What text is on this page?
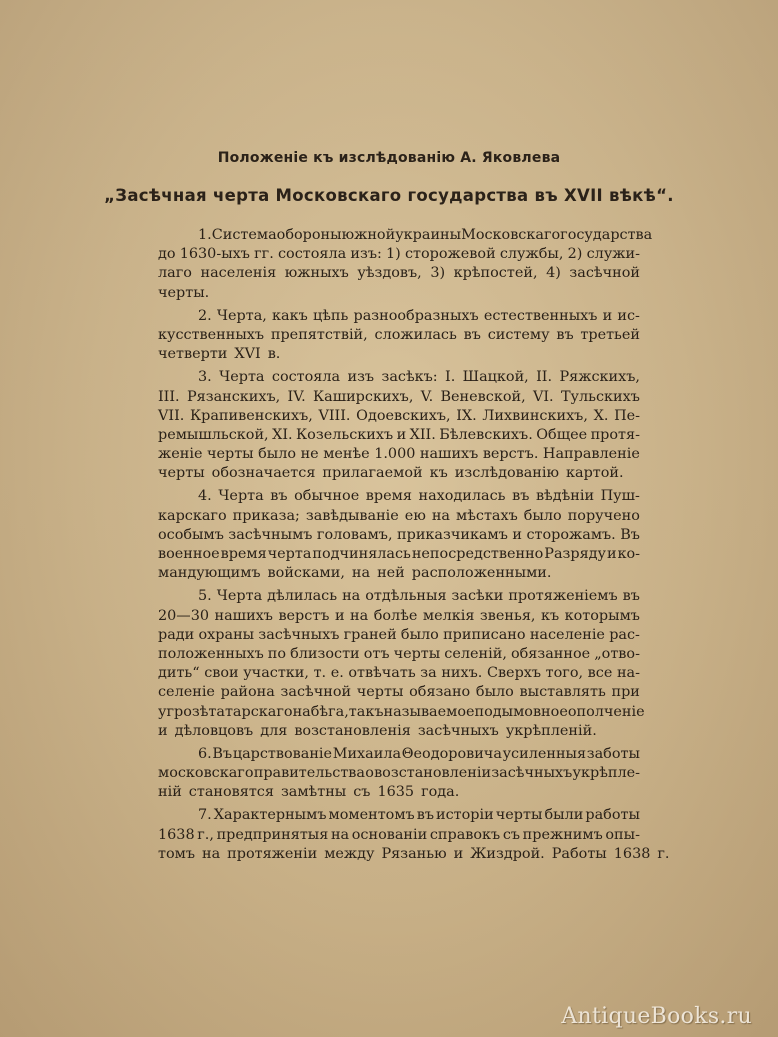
Положенiе къ изслѣдованiю А. Яковлева
„Засѣчная черта Московскаго государства въ XVII вѣкѣ“.
1. Система обороны южной украины Московскаго государства
до 1630-ыхъ гг. состояла изъ: 1) сторожевой службы, 2) служи-
лаго населенiя южныхъ уѣздовъ, 3) крѣпостей, 4) засѣчной
черты.
2. Черта, какъ цѣпь разнообразныхъ естественныхъ и ис-
кусственныхъ препятствiй, сложилась въ систему въ третьей
четверти XVI в.
3. Черта состояла изъ засѣкъ: I. Шацкой, II. Ряжскихъ,
III. Рязанскихъ, IV. Каширскихъ, V. Веневской, VI. Тульскихъ
VII. Крапивенскихъ, VIII. Одоевскихъ, IX. Лихвинскихъ, X. Пе-
ремышльской, XI. Козельскихъ и XII. Бѣлевскихъ. Общее протя-
женiе черты было не менѣе 1.000 нашихъ верстъ. Направленiе
черты обозначается прилагаемой къ изслѣдованiю картой.
4. Черта въ обычное время находилась въ вѣдѣнiи Пуш-
карскаго приказа; завѣдыванiе ею на мѣстахъ было поручено
особымъ засѣчнымъ головамъ, приказчикамъ и сторожамъ. Въ
военное время черта подчинялась непосредственно Разряду и ко-
мандующимъ войсками, на ней расположенными.
5. Черта дѣлилась на отдѣльныя засѣки протяженiемъ въ
20—30 нашихъ верстъ и на болѣе мелкiя звенья, къ которымъ
ради охраны засѣчныхъ граней было приписано населенiе рас-
положенныхъ по близости отъ черты селенiй, обязанное „отво-
дить“ свои участки, т. е. отвѣчать за нихъ. Сверхъ того, все на-
селенiе района засѣчной черты обязано было выставлять при
угрозѣ татарскаго набѣга, такъ называемое подымовное ополченiе
и дѣловцовъ для возстановленiя засѣчныхъ укрѣпленiй.
6. Въ царствованiе Михаила Θеодоровича усиленныя заботы
московскаго правительства о возстановленiи засѣчныхъ укрѣпле-
нiй становятся замѣтны съ 1635 года.
7. Характернымъ моментомъ въ исторiи черты были работы
1638 г., предпринятыя на основанiи справокъ съ прежнимъ опы-
томъ на протяженiи между Рязанью и Жиздрой. Работы 1638 г.
AntiqueBooks.ru
